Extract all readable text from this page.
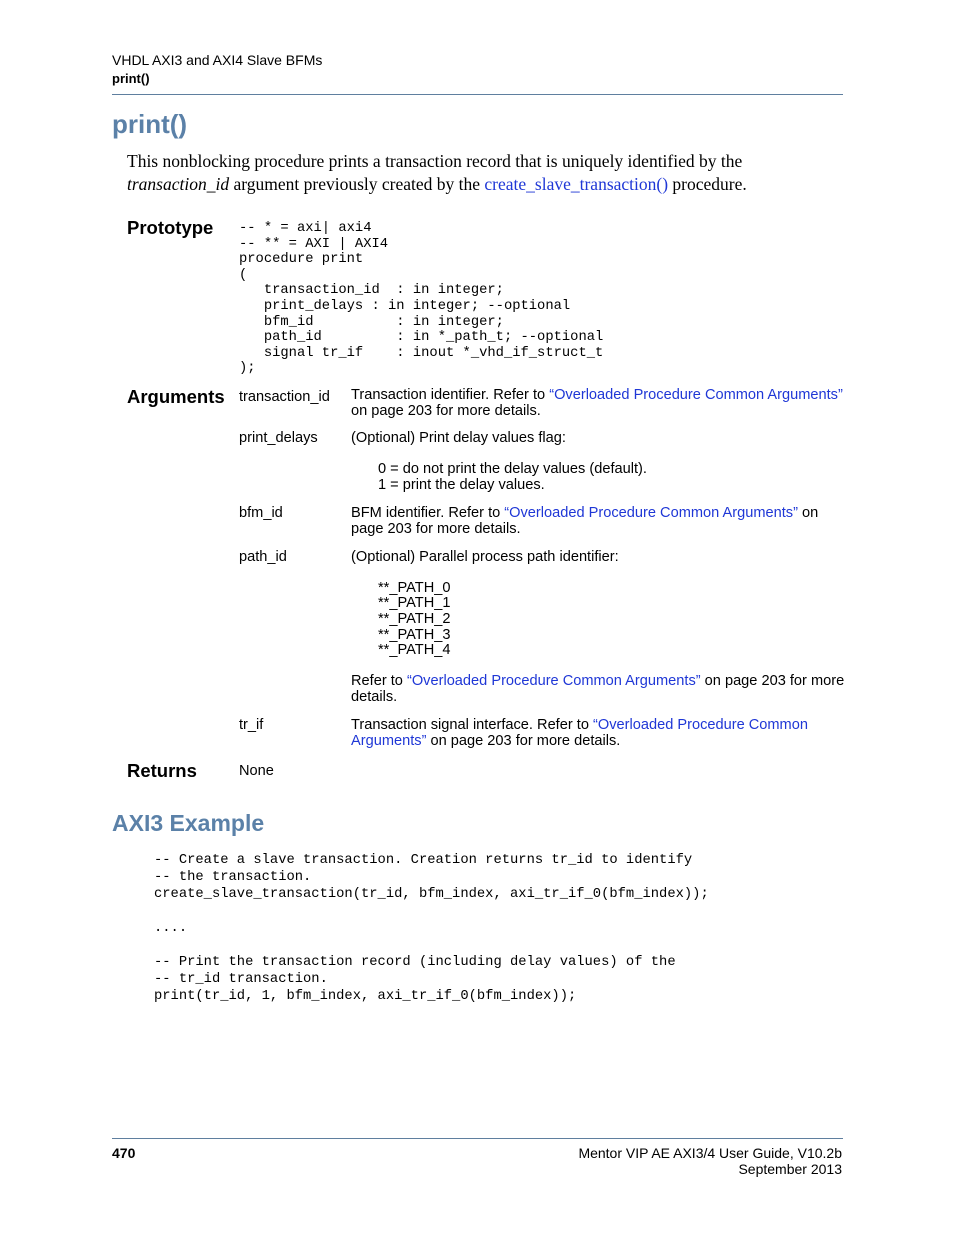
VHDL AXI3 and AXI4 Slave BFMs
print()
print()
This nonblocking procedure prints a transaction record that is uniquely identified by the transaction_id argument previously created by the create_slave_transaction() procedure.
Prototype -- * = axi| axi4
-- ** = AXI | AXI4
procedure print
(
transaction_id  : in integer;
print_delays : in integer; --optional
bfm_id          : in integer;
path_id         : in *_path_t; --optional
signal tr_if    : inout *_vhd_if_struct_t
);
Arguments transaction_id Transaction identifier. Refer to “Overloaded Procedure Common Arguments” on page 203 for more details.
print_delays (Optional) Print delay values flag:
0 = do not print the delay values (default).
1 = print the delay values.
bfm_id	BFM identifier. Refer to “Overloaded Procedure Common Arguments” on page 203 for more details.
path_id	(Optional) Parallel process path identifier:
**_PATH_0
**_PATH_1
**_PATH_2
**_PATH_3
**_PATH_4
Refer to “Overloaded Procedure Common Arguments” on page 203 for more details.
tr_if	Transaction signal interface. Refer to “Overloaded Procedure Common Arguments” on page 203 for more details.
Returns	None
AXI3 Example
-- Create a slave transaction. Creation returns tr_id to identify
-- the transaction.
create_slave_transaction(tr_id, bfm_index, axi_tr_if_0(bfm_index));

....

-- Print the transaction record (including delay values) of the
-- tr_id transaction.
print(tr_id, 1, bfm_index, axi_tr_if_0(bfm_index));
470	Mentor VIP AE AXI3/4 User Guide, V10.2b
September 2013
